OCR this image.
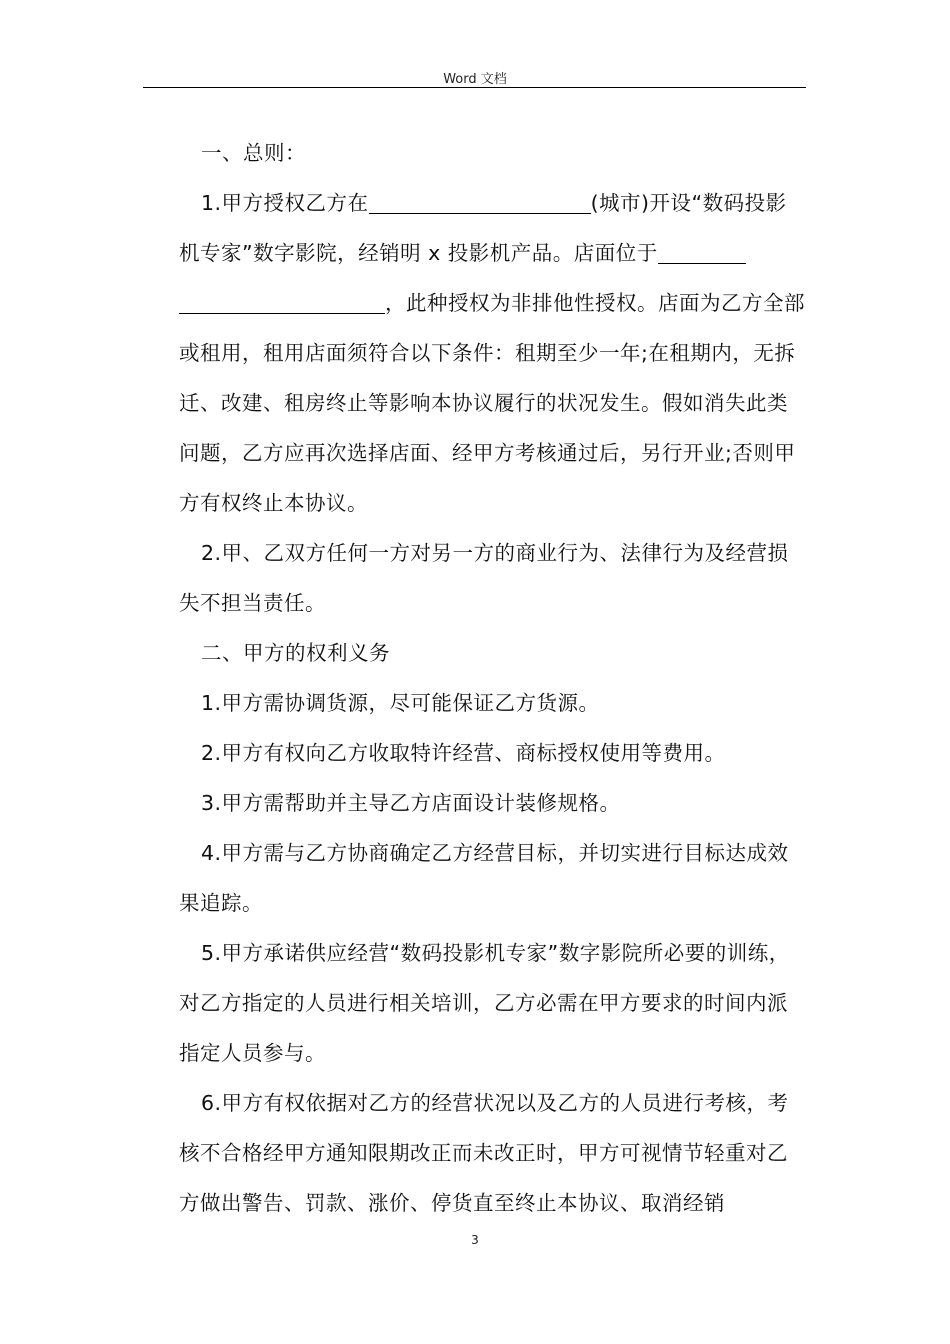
Word 文档

一、总则：

1.甲方授权乙方在	(城市)开设“数码投影机专家”数字影院，经销明 x 投影机产品。店面位于
，此种授权为非排他性授权。店面为乙方全部或租用，租用店面须符合以下条件：租期至少一年;在租期内，无拆迁、改建、租房终止等影响本协议履行的状况发生。假如消失此类问题，乙方应再次选择店面、经甲方考核通过后，另行开业;否则甲方有权终止本协议。

2.甲、乙双方任何一方对另一方的商业行为、法律行为及经营损失不担当责任。

二、甲方的权利义务

1.甲方需协调货源，尽可能保证乙方货源。

2.甲方有权向乙方收取特许经营、商标授权使用等费用。

3.甲方需帮助并主导乙方店面设计装修规格。

4.甲方需与乙方协商确定乙方经营目标，并切实进行目标达成效果追踪。

5.甲方承诺供应经营“数码投影机专家”数字影院所必要的训练，对乙方指定的人员进行相关培训，乙方必需在甲方要求的时间内派指定人员参与。

6.甲方有权依据对乙方的经营状况以及乙方的人员进行考核，考核不合格经甲方通知限期改正而未改正时，甲方可视情节轻重对乙方做出警告、罚款、涨价、停货直至终止本协议、取消经销

3
